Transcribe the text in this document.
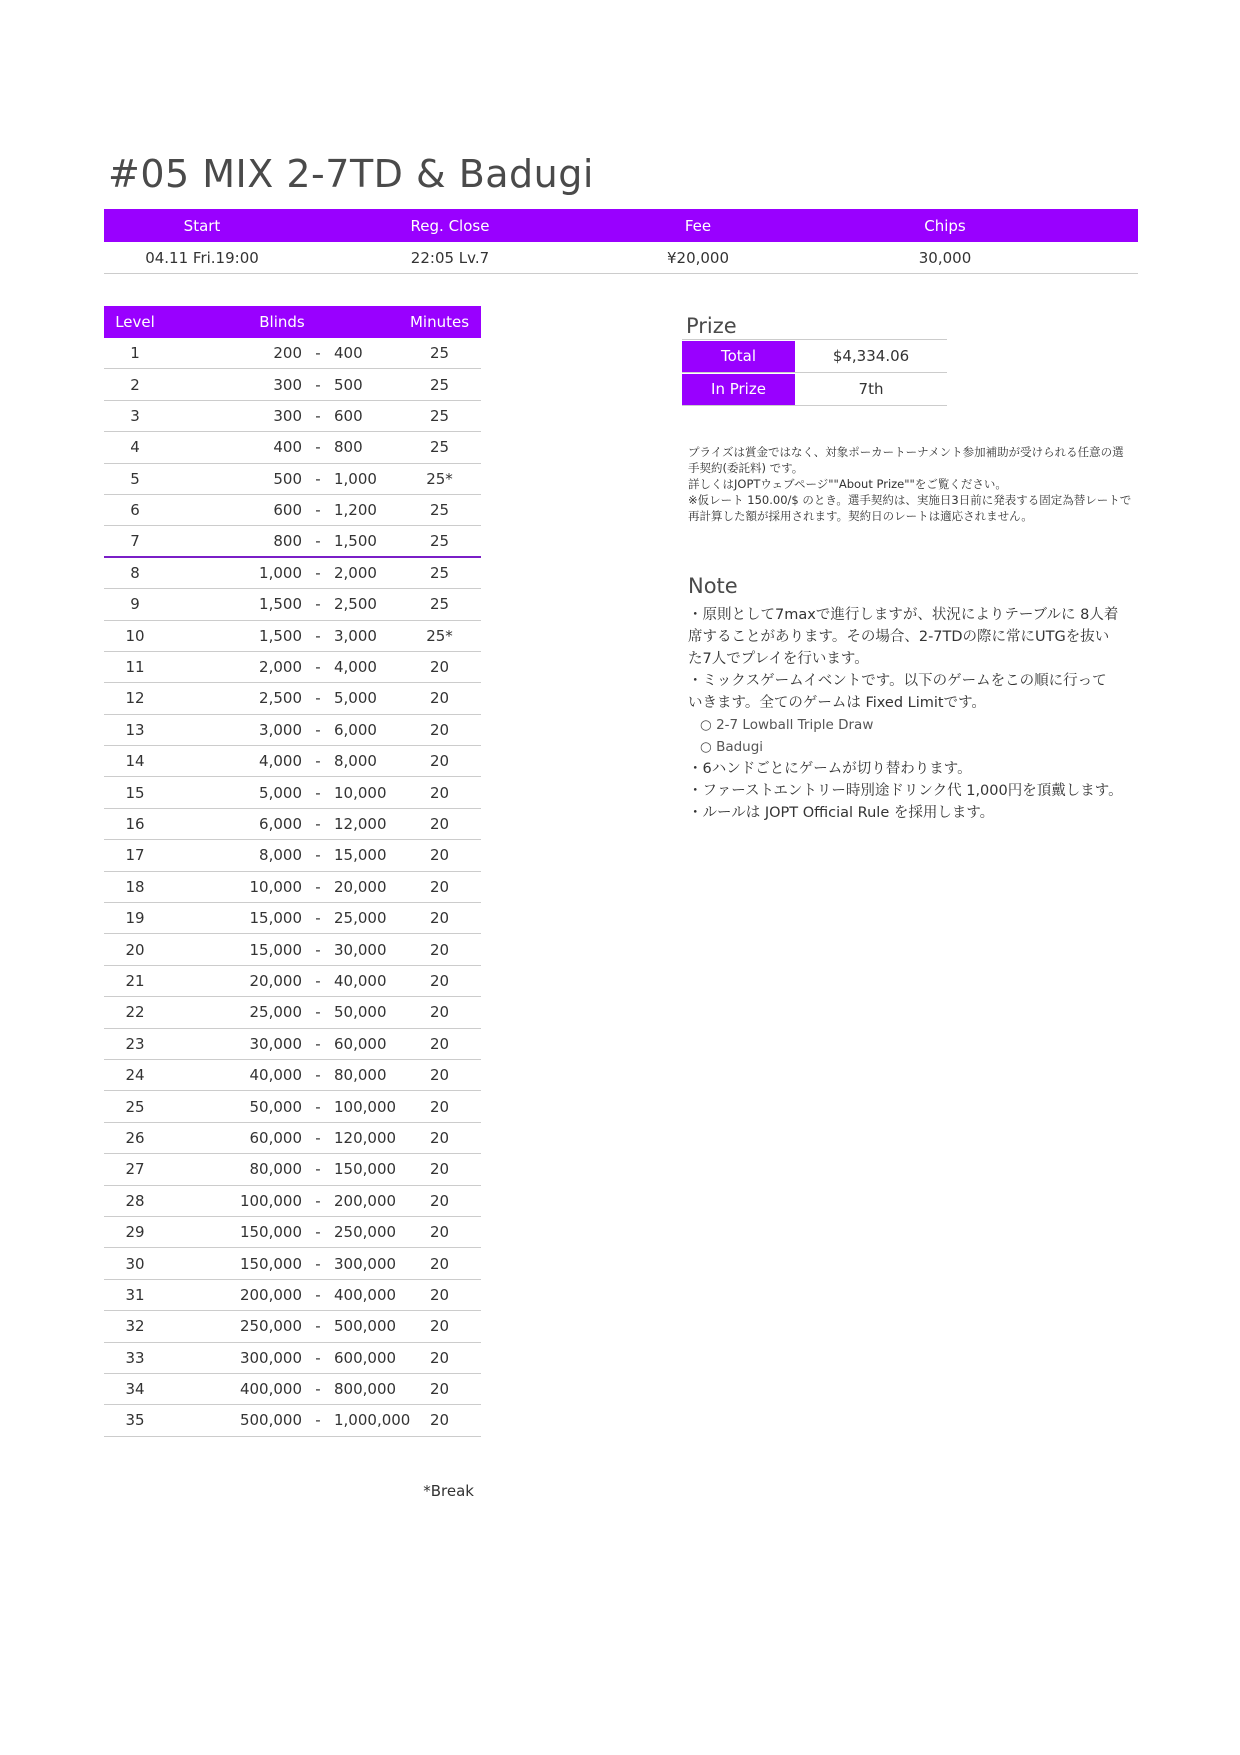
#05 MIX 2-7TD & Badugi
Start	Reg. Close	Fee	Chips
04.11 Fri.19:00	22:05 Lv.7	¥20,000	30,000
Level	Blinds	Minutes
1	200 - 400	25
2	300 - 500	25
3	300 - 600	25
4	400 - 800	25
5	500 - 1,000	25*
6	600 - 1,200	25
7	800 - 1,500	25
8	1,000 - 2,000	25
9	1,500 - 2,500	25
10	1,500 - 3,000	25*
11	2,000 - 4,000	20
12	2,500 - 5,000	20
13	3,000 - 6,000	20
14	4,000 - 8,000	20
15	5,000 - 10,000	20
16	6,000 - 12,000	20
17	8,000 - 15,000	20
18	10,000 - 20,000	20
19	15,000 - 25,000	20
20	15,000 - 30,000	20
21	20,000 - 40,000	20
22	25,000 - 50,000	20
23	30,000 - 60,000	20
24	40,000 - 80,000	20
25	50,000 - 100,000	20
26	60,000 - 120,000	20
27	80,000 - 150,000	20
28	100,000 - 200,000	20
29	150,000 - 250,000	20
30	150,000 - 300,000	20
31	200,000 - 400,000	20
32	250,000 - 500,000	20
33	300,000 - 600,000	20
34	400,000 - 800,000	20
35	500,000 - 1,000,000	20
*Break
Prize
Total	$4,334.06
In Prize	7th
プライズは賞金ではなく、対象ポーカートーナメント参加補助が受けられる任意の選
手契約(委託料) です。
詳しくはJOPTウェブページ""About Prize""をご覧ください。
※仮レート 150.00/$ のとき。選手契約は、実施日3日前に発表する固定為替レートで
再計算した額が採用されます。契約日のレートは適応されません。
Note
・原則として7maxで進行しますが、状況によりテーブルに 8人着
席することがあります。その場合、2-7TDの際に常にUTGを抜い
た7人でプレイを行います。
・ミックスゲームイベントです。以下のゲームをこの順に行って
いきます。全てのゲームは Fixed Limitです。
○ 2-7 Lowball Triple Draw
○ Badugi
・6ハンドごとにゲームが切り替わります。
・ファーストエントリー時別途ドリンク代 1,000円を頂戴します。
・ルールは JOPT Official Rule を採用します。
